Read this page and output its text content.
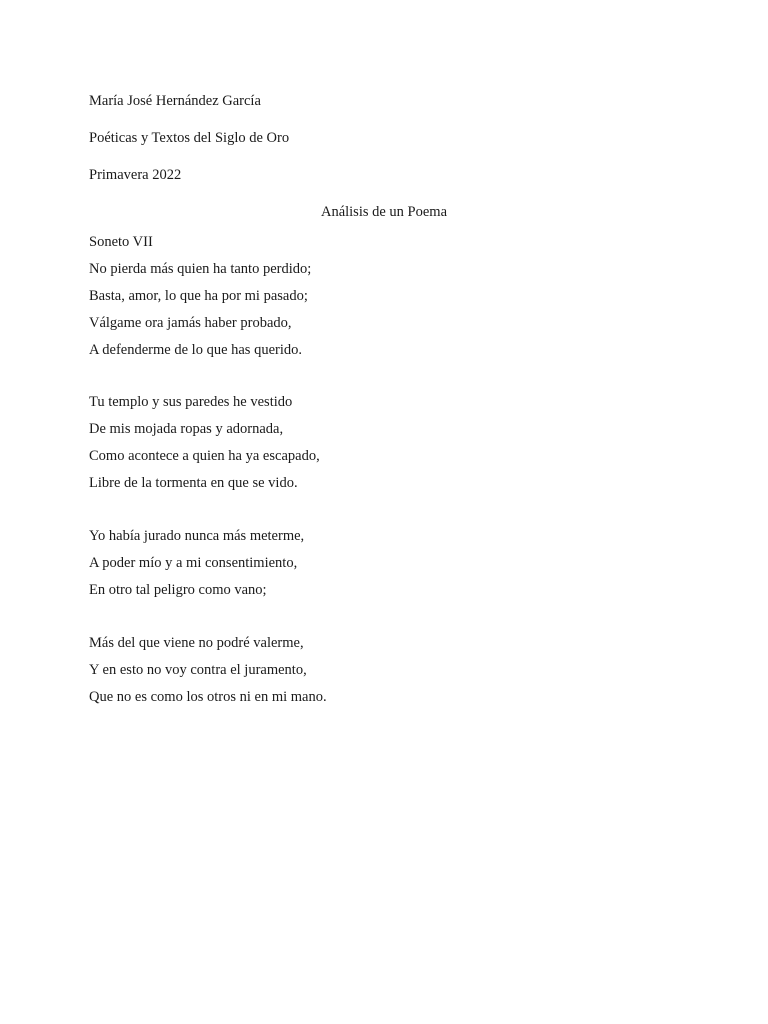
María José Hernández García
Poéticas y Textos del Siglo de Oro
Primavera 2022
Análisis de un Poema
Soneto VII
No pierda más quien ha tanto perdido;
Basta, amor, lo que ha por mi pasado;
Válgame ora jamás haber probado,
A defenderme de lo que has querido.
Tu templo y sus paredes he vestido
De mis mojada ropas y adornada,
Como acontece a quien ha ya escapado,
Libre de la tormenta en que se vido.
Yo había jurado nunca más meterme,
A poder mío y a mi consentimiento,
En otro tal peligro como vano;
Más del que viene no podré valerme,
Y en esto no voy contra el juramento,
Que no es como los otros ni en mi mano.
